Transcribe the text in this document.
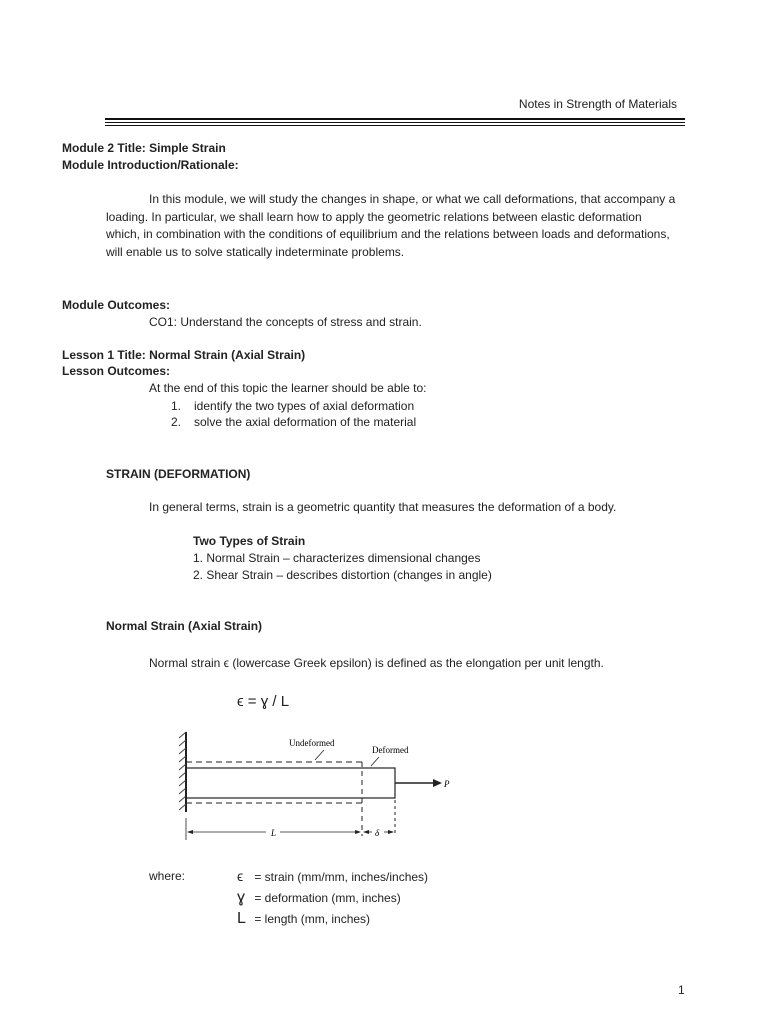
Notes in Strength of Materials
Module 2 Title: Simple Strain
Module Introduction/Rationale:
In this module, we will study the changes in shape, or what we call deformations, that accompany a loading. In particular, we shall learn how to apply the geometric relations between elastic deformation which, in combination with the conditions of equilibrium and the relations between loads and deformations, will enable us to solve statically indeterminate problems.
Module Outcomes:
CO1: Understand the concepts of stress and strain.
Lesson 1 Title: Normal Strain (Axial Strain)
Lesson Outcomes:
At the end of this topic the learner should be able to:
1. identify the two types of axial deformation
2. solve the axial deformation of the material
STRAIN (DEFORMATION)
In general terms, strain is a geometric quantity that measures the deformation of a body.
Two Types of Strain
1. Normal Strain – characterizes dimensional changes
2. Shear Strain – describes distortion (changes in angle)
Normal Strain (Axial Strain)
Normal strain ϵ (lowercase Greek epsilon) is defined as the elongation per unit length.
ϵ = ɣ / L
P
Undeformed
Deformed
L	δ
where:	ϵ = strain (mm/mm, inches/inches)
ɣ = deformation (mm, inches)
L = length (mm, inches)
1
